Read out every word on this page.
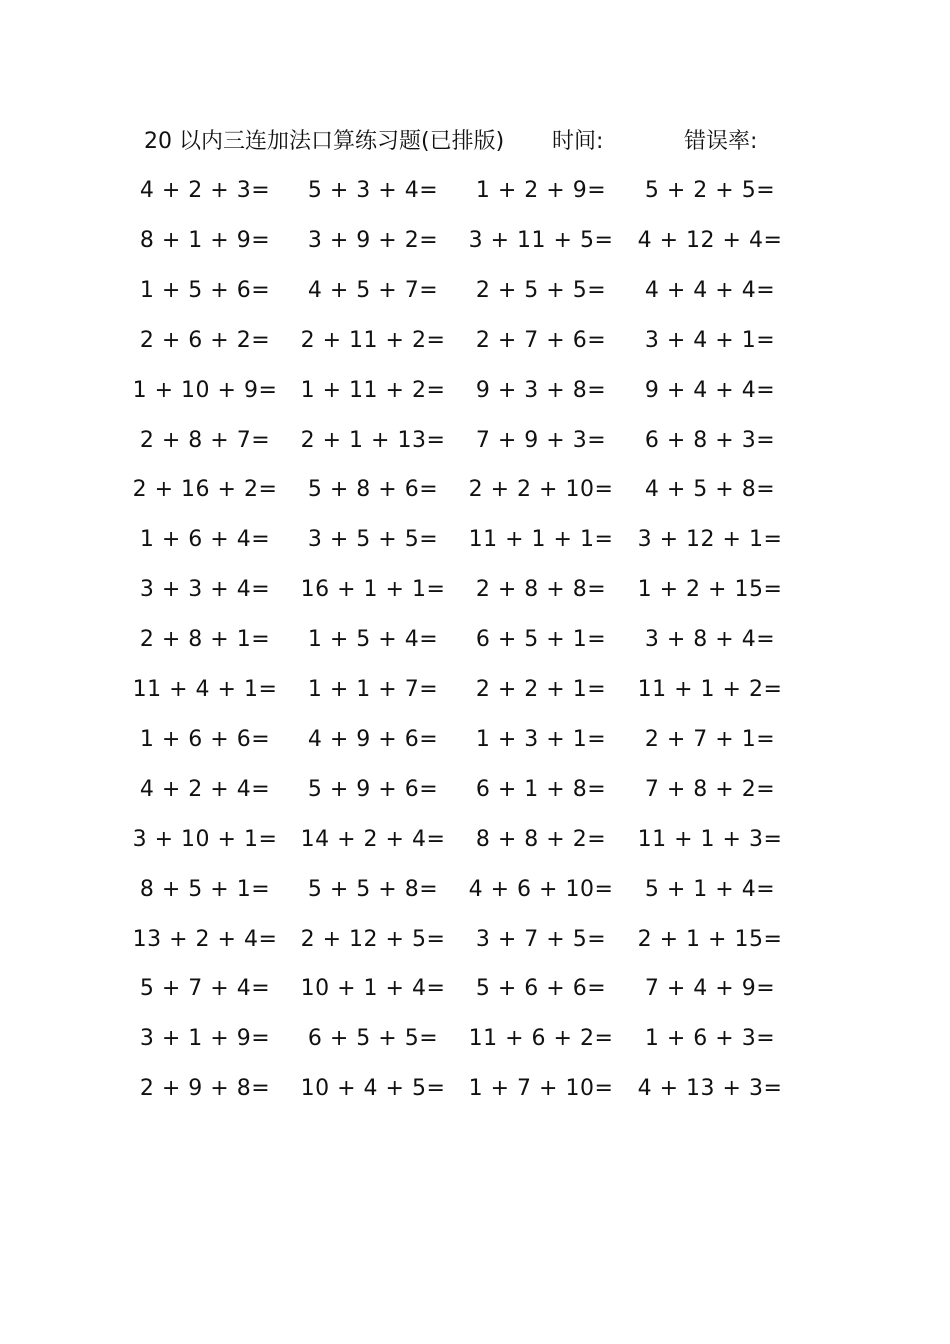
20 以内三连加法口算练习题(已排版) 时间:	错误率:
4 + 2 + 3=	5 + 3 + 4=	1 + 2 + 9=	5 + 2 + 5=
8 + 1 + 9=	3 + 9 + 2=	3 + 11 + 5= 4 + 12 + 4=
1 + 5 + 6=	4 + 5 + 7=	2 + 5 + 5=	4 + 4 + 4=
2 + 6 + 2=	2 + 11 + 2=	2 + 7 + 6=	3 + 4 + 1=
1 + 10 + 9= 1 + 11 + 2=	9 + 3 + 8=	9 + 4 + 4=
2 + 8 + 7=	2 + 1 + 13=	7 + 9 + 3=	6 + 8 + 3=
2 + 16 + 2=	5 + 8 + 6=	2 + 2 + 10=	4 + 5 + 8=
1 + 6 + 4=	3 + 5 + 5=	11 + 1 + 1= 3 + 12 + 1=
3 + 3 + 4=	16 + 1 + 1=	2 + 8 + 8=	1 + 2 + 15=
2 + 8 + 1=	1 + 5 + 4=	6 + 5 + 1=	3 + 8 + 4=
11 + 4 + 1=	1 + 1 + 7=	2 + 2 + 1=	11 + 1 + 2=
1 + 6 + 6=	4 + 9 + 6=	1 + 3 + 1=	2 + 7 + 1=
4 + 2 + 4=	5 + 9 + 6=	6 + 1 + 8=	7 + 8 + 2=
3 + 10 + 1= 14 + 2 + 4=	8 + 8 + 2=	11 + 1 + 3=
8 + 5 + 1=	5 + 5 + 8=	4 + 6 + 10=	5 + 1 + 4=
13 + 2 + 4= 2 + 12 + 5=	3 + 7 + 5=	2 + 1 + 15=
5 + 7 + 4=	10 + 1 + 4=	5 + 6 + 6=	7 + 4 + 9=
3 + 1 + 9=	6 + 5 + 5=	11 + 6 + 2=	1 + 6 + 3=
2 + 9 + 8=	10 + 4 + 5= 1 + 7 + 10= 4 + 13 + 3=
